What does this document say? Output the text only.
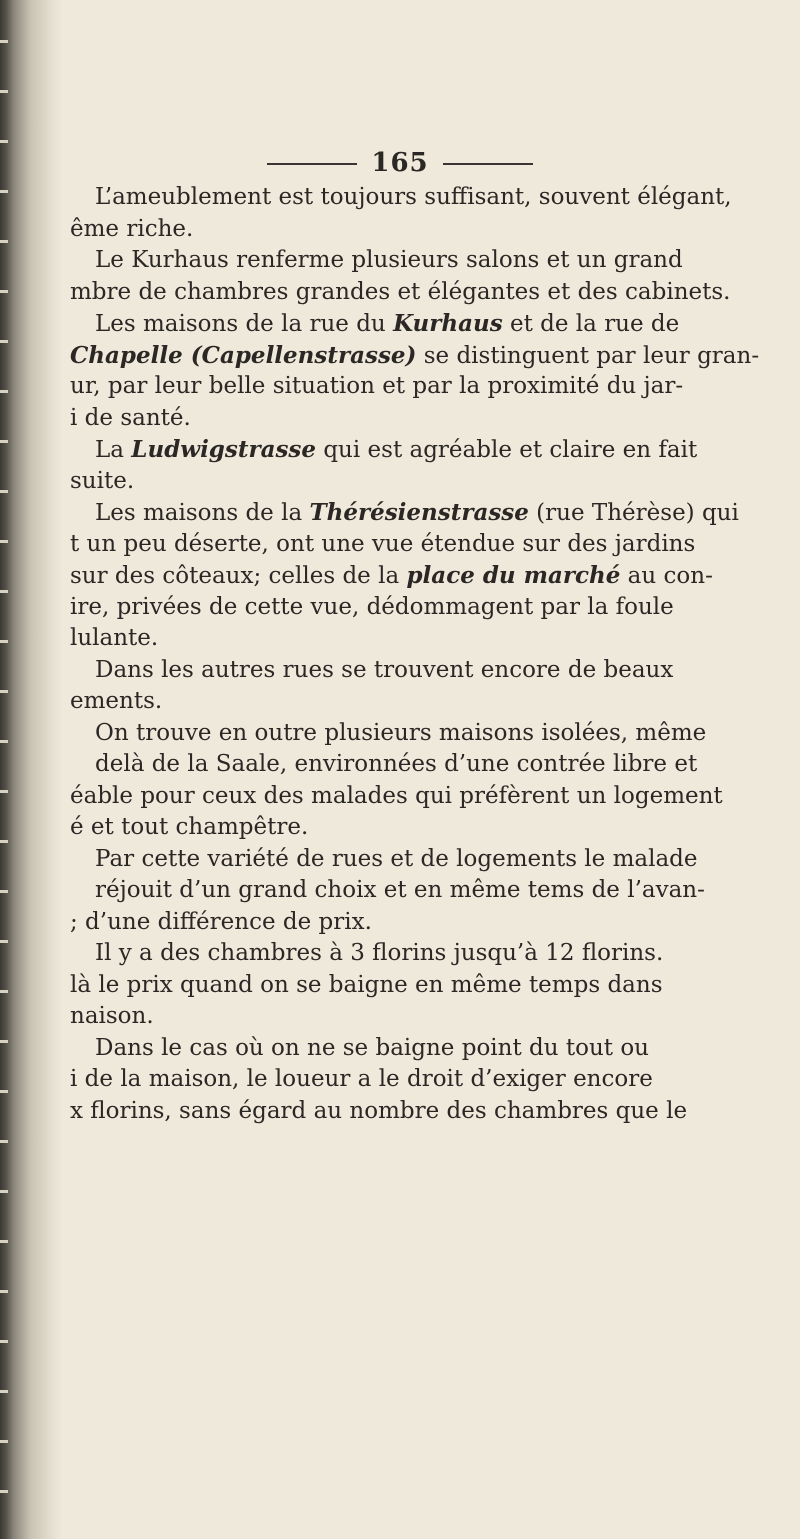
165
L’ameublement est toujours suffisant, souvent élégant,
ême riche.
Le Kurhaus renferme plusieurs salons et un grand
mbre de chambres grandes et élégantes et des cabinets.
Les maisons de la rue du Kurhaus et de la rue de
Chapelle (Capellenstrasse) se distinguent par leur gran-
ur, par leur belle situation et par la proximité du jar-
i de santé.
La Ludwigstrasse qui est agréable et claire en fait
suite.
Les maisons de la Thérésienstrasse (rue Thérèse) qui
t un peu déserte, ont une vue étendue sur des jardins
sur des côteaux; celles de la place du marché au con-
ire, privées de cette vue, dédommagent par la foule
lulante.
Dans les autres rues se trouvent encore de beaux
ements.
On trouve en outre plusieurs maisons isolées, même
delà de la Saale, environnées d’une contrée libre et
éable pour ceux des malades qui préfèrent un logement
é et tout champêtre.
Par cette variété de rues et de logements le malade
réjouit d’un grand choix et en même tems de l’avan-
; d’une différence de prix.
Il y a des chambres à 3 florins jusqu’à 12 florins.
là le prix quand on se baigne en même temps dans
naison.
Dans le cas où on ne se baigne point du tout ou
i de la maison, le loueur a le droit d’exiger encore
x florins, sans égard au nombre des chambres que le
